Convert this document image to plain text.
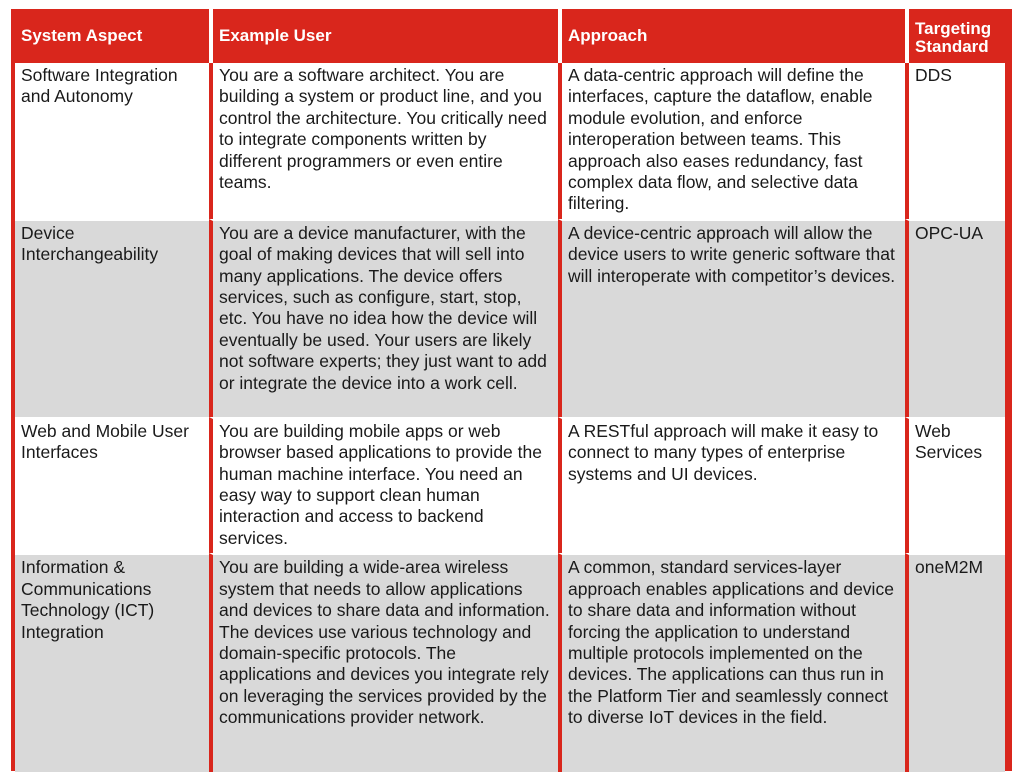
System Aspect	Example User	Approach	Targeting Standard
Software Integration and Autonomy	You are a software architect. You are building a system or product line, and you control the architecture. You critically need to integrate components written by different programmers or even entire teams.	A data-centric approach will define the interfaces, capture the dataflow, enable module evolution, and enforce interoperation between teams. This approach also eases redundancy, fast complex data flow, and selective data filtering.	DDS
Device Interchangeability	You are a device manufacturer, with the goal of making devices that will sell into many applications. The device offers services, such as configure, start, stop, etc. You have no idea how the device will eventually be used. Your users are likely not software experts; they just want to add or integrate the device into a work cell.	A device-centric approach will allow the device users to write generic software that will interoperate with competitor’s devices.	OPC-UA
Web and Mobile User Interfaces	You are building mobile apps or web browser based applications to provide the human machine interface. You need an easy way to support clean human interaction and access to backend services.	A RESTful approach will make it easy to connect to many types of enterprise systems and UI devices.	Web Services
Information & Communications Technology (ICT) Integration	You are building a wide-area wireless system that needs to allow applications and devices to share data and information. The devices use various technology and domain-specific protocols. The applications and devices you integrate rely on leveraging the services provided by the communications provider network.	A common, standard services-layer approach enables applications and device to share data and information without forcing the application to understand multiple protocols implemented on the devices. The applications can thus run in the Platform Tier and seamlessly connect to diverse IoT devices in the field.	oneM2M
